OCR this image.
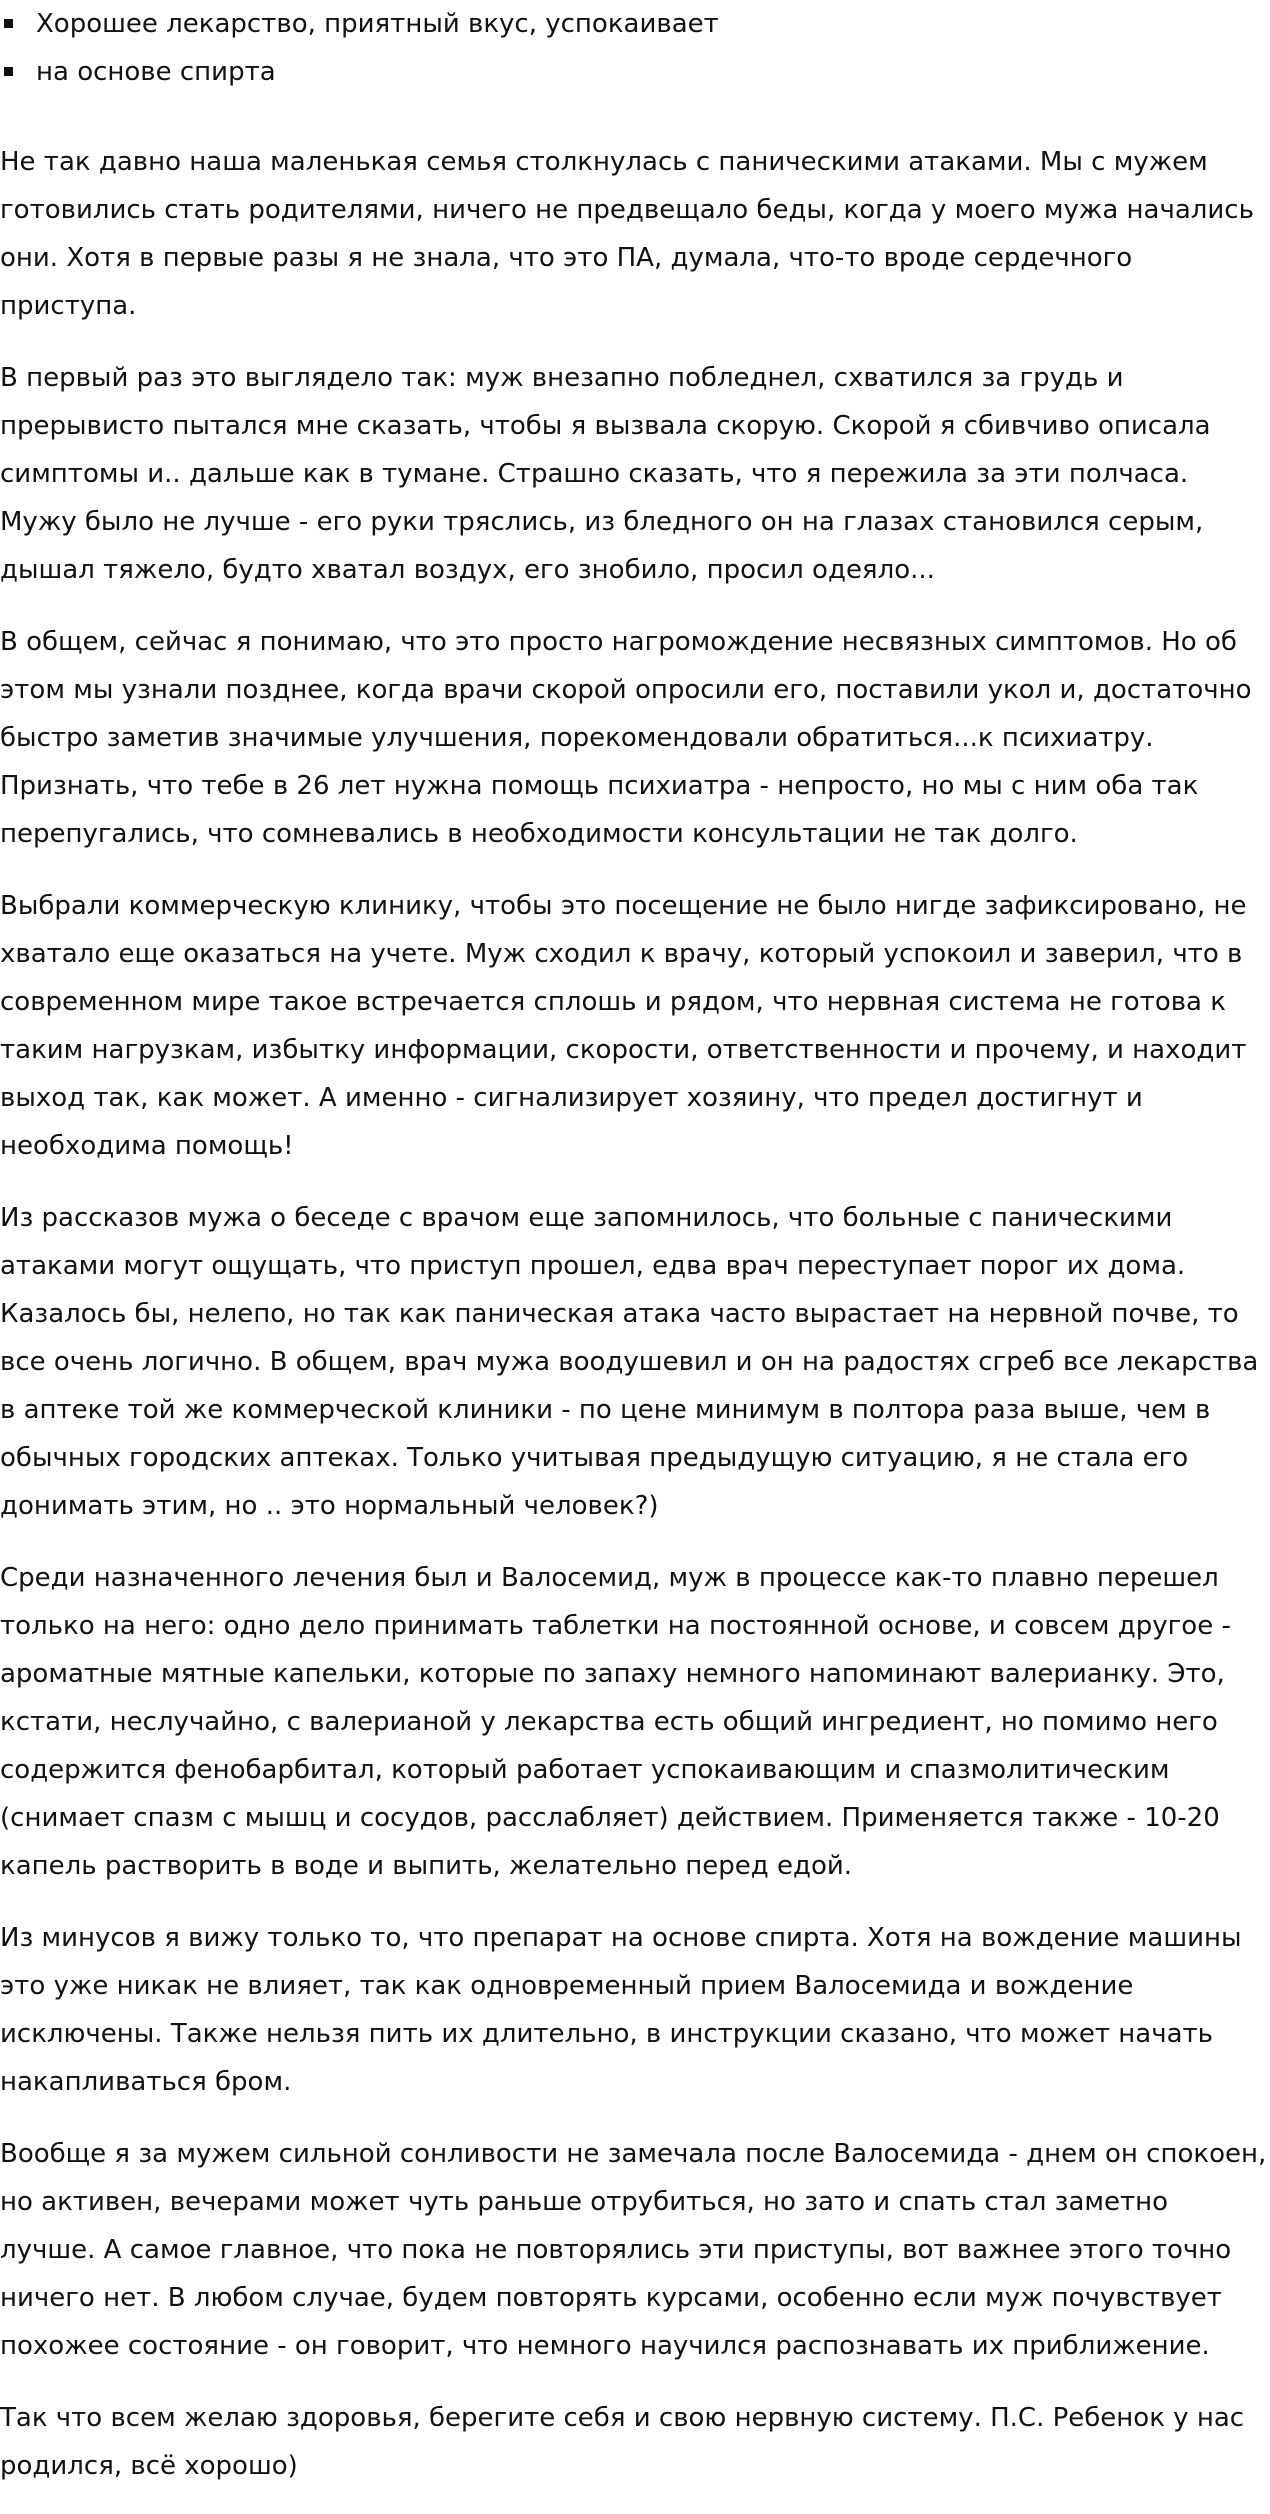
Хорошее лекарство, приятный вкус, успокаивает
на основе спирта

Не так давно наша маленькая семья столкнулась с паническими атаками. Мы с мужем готовились стать родителями, ничего не предвещало беды, когда у моего мужа начались они. Хотя в первые разы я не знала, что это ПА, думала, что-то вроде сердечного приступа.

В первый раз это выглядело так: муж внезапно побледнел, схватился за грудь и прерывисто пытался мне сказать, чтобы я вызвала скорую. Скорой я сбивчиво описала симптомы и.. дальше как в тумане. Страшно сказать, что я пережила за эти полчаса. Мужу было не лучше - его руки тряслись, из бледного он на глазах становился серым, дышал тяжело, будто хватал воздух, его знобило, просил одеяло...

В общем, сейчас я понимаю, что это просто нагромождение несвязных симптомов. Но об этом мы узнали позднее, когда врачи скорой опросили его, поставили укол и, достаточно быстро заметив значимые улучшения, порекомендовали обратиться...к психиатру. Признать, что тебе в 26 лет нужна помощь психиатра - непросто, но мы с ним оба так перепугались, что сомневались в необходимости консультации не так долго.

Выбрали коммерческую клинику, чтобы это посещение не было нигде зафиксировано, не хватало еще оказаться на учете. Муж сходил к врачу, который успокоил и заверил, что в современном мире такое встречается сплошь и рядом, что нервная система не готова к таким нагрузкам, избытку информации, скорости, ответственности и прочему, и находит выход так, как может. А именно - сигнализирует хозяину, что предел достигнут и необходима помощь!

Из рассказов мужа о беседе с врачом еще запомнилось, что больные с паническими атаками могут ощущать, что приступ прошел, едва врач переступает порог их дома. Казалось бы, нелепо, но так как паническая атака часто вырастает на нервной почве, то все очень логично. В общем, врач мужа воодушевил и он на радостях сгреб все лекарства в аптеке той же коммерческой клиники - по цене минимум в полтора раза выше, чем в обычных городских аптеках. Только учитывая предыдущую ситуацию, я не стала его донимать этим, но .. это нормальный человек?)

Среди назначенного лечения был и Валосемид, муж в процессе как-то плавно перешел только на него: одно дело принимать таблетки на постоянной основе, и совсем другое - ароматные мятные капельки, которые по запаху немного напоминают валерианку. Это, кстати, неслучайно, с валерианой у лекарства есть общий ингредиент, но помимо него содержится фенобарбитал, который работает успокаивающим и спазмолитическим (снимает спазм с мышц и сосудов, расслабляет) действием. Применяется также - 10-20 капель растворить в воде и выпить, желательно перед едой.

Из минусов я вижу только то, что препарат на основе спирта. Хотя на вождение машины это уже никак не влияет, так как одновременный прием Валосемида и вождение исключены. Также нельзя пить их длительно, в инструкции сказано, что может начать накапливаться бром.

Вообще я за мужем сильной сонливости не замечала после Валосемида - днем он спокоен, но активен, вечерами может чуть раньше отрубиться, но зато и спать стал заметно лучше. А самое главное, что пока не повторялись эти приступы, вот важнее этого точно ничего нет. В любом случае, будем повторять курсами, особенно если муж почувствует похожее состояние - он говорит, что немного научился распознавать их приближение.

Так что всем желаю здоровья, берегите себя и свою нервную систему. П.С. Ребенок у нас родился, всё хорошо)
